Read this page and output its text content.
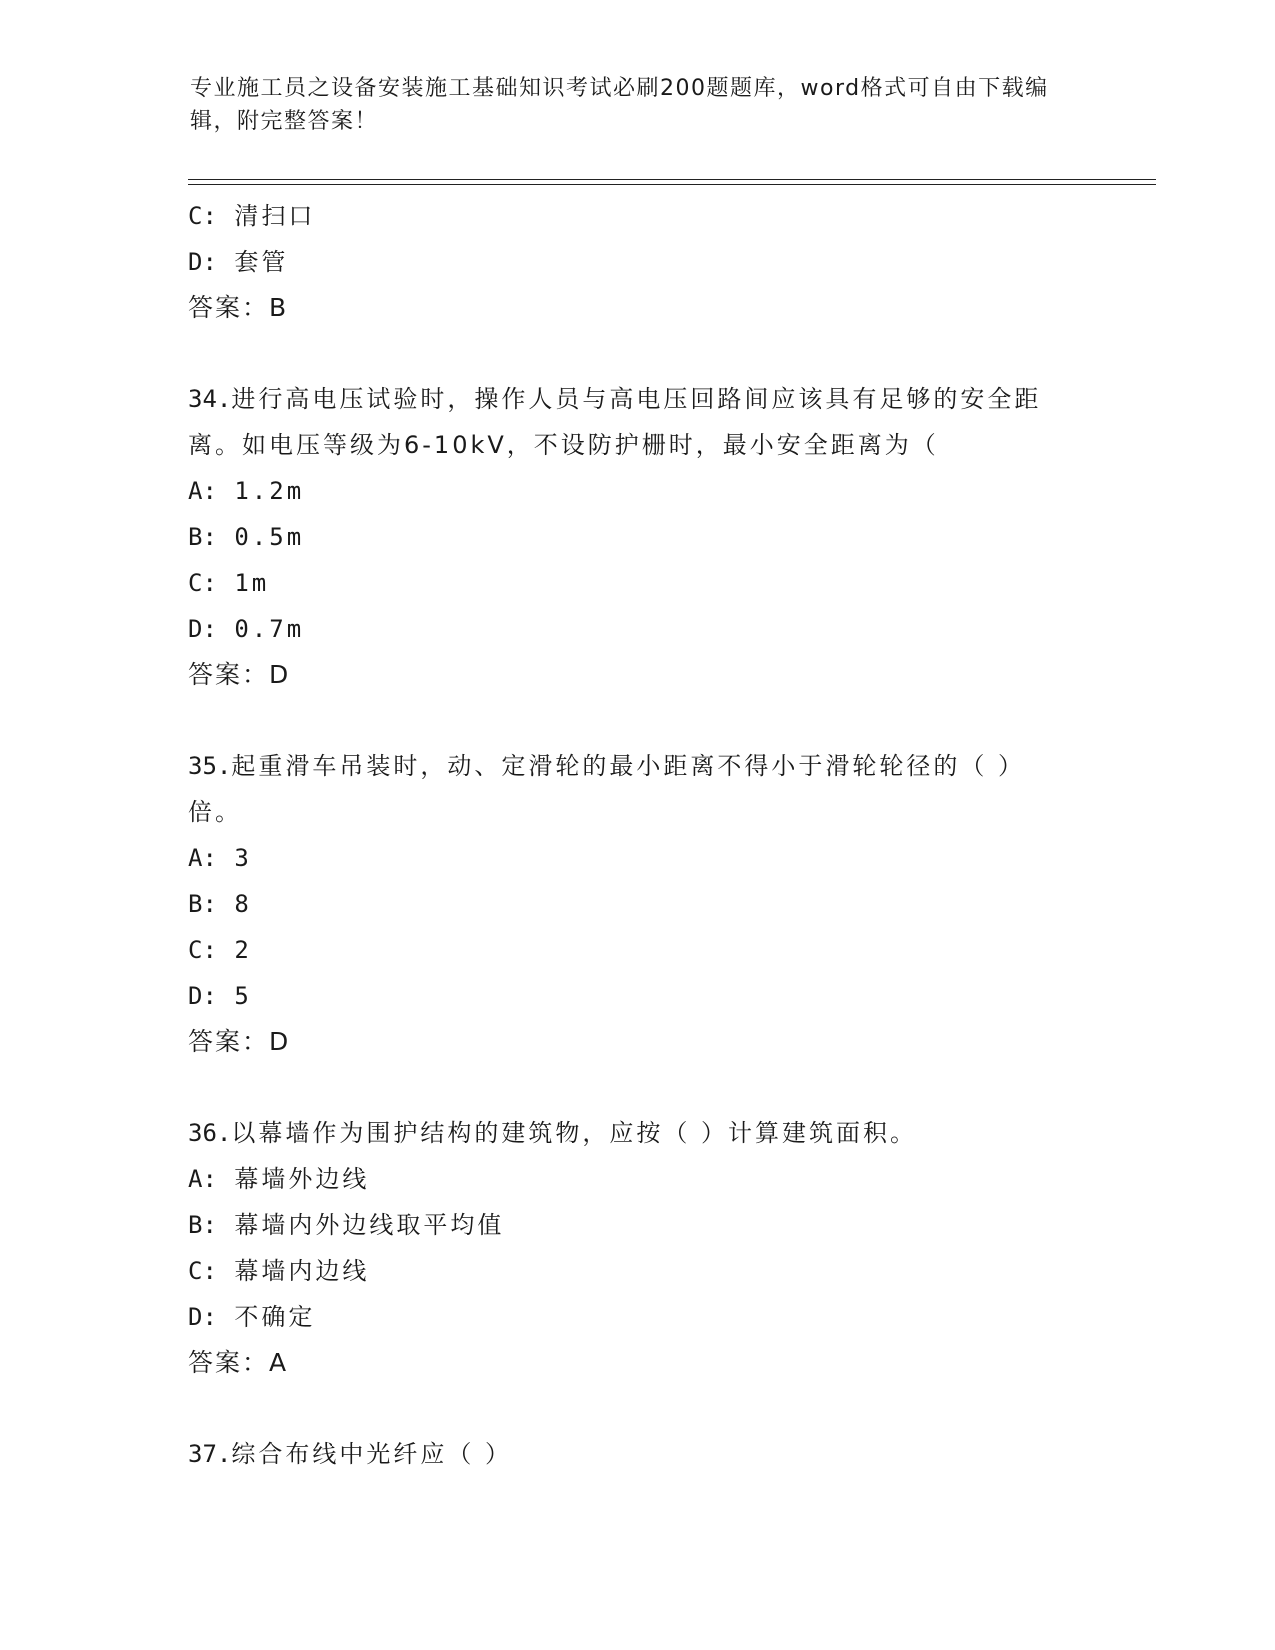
专业施工员之设备安装施工基础知识考试必刷200题题库，word格式可自由下载编辑，附完整答案！
C: 清扫口
D: 套管
答案：B
34.进行高电压试验时，操作人员与高电压回路间应该具有足够的安全距离。如电压等级为6-10kV，不设防护栅时，最小安全距离为（
A: 1.2m
B: 0.5m
C: 1m
D: 0.7m
答案：D
35.起重滑车吊装时，动、定滑轮的最小距离不得小于滑轮轮径的（ ）倍。
A: 3
B: 8
C: 2
D: 5
答案：D
36.以幕墙作为围护结构的建筑物，应按（ ）计算建筑面积。
A: 幕墙外边线
B: 幕墙内外边线取平均值
C: 幕墙内边线
D: 不确定
答案：A
37.综合布线中光纤应（ ）
